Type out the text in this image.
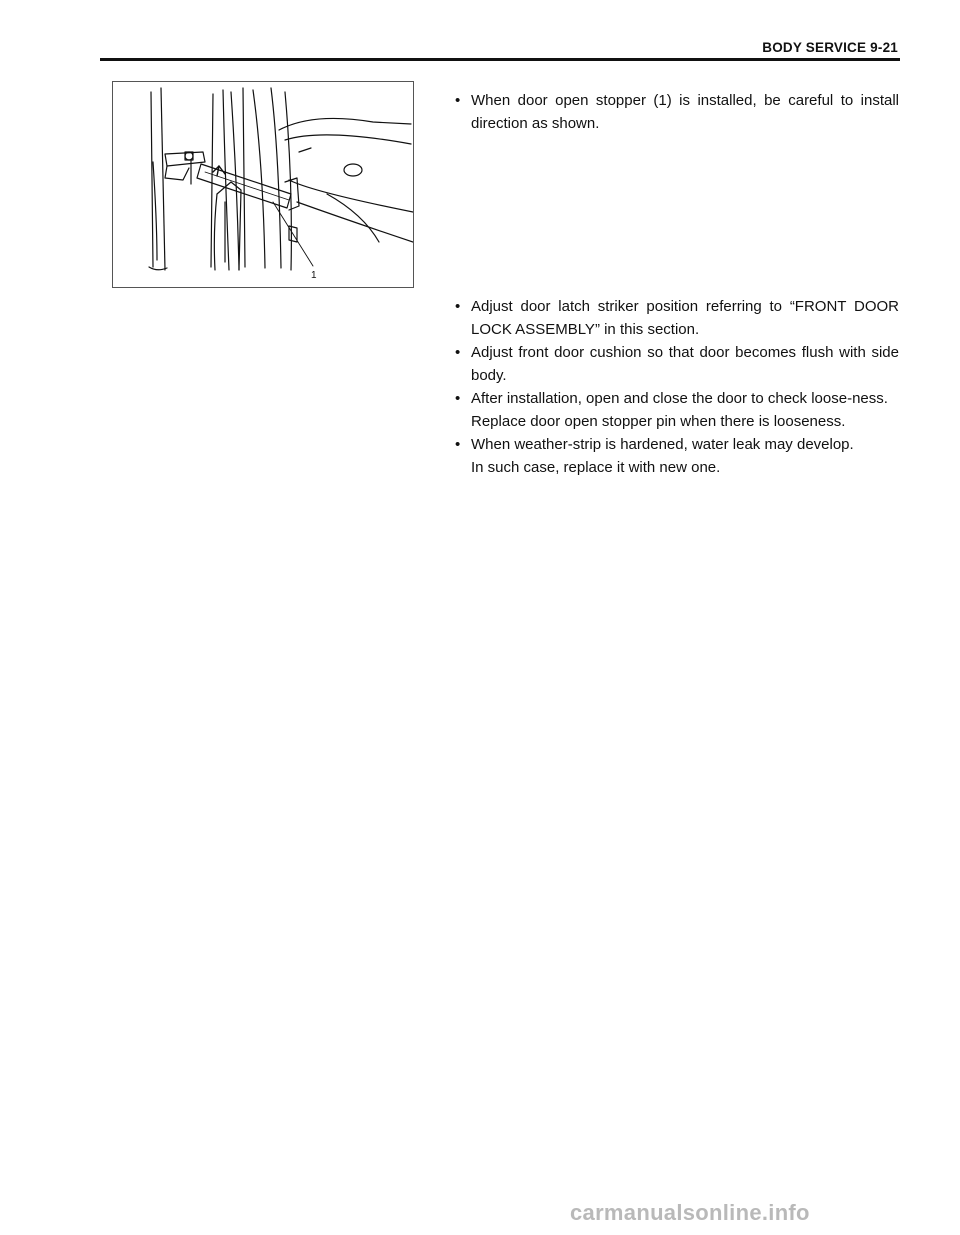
BODY SERVICE 9-21
1
• When door open stopper (1) is installed, be careful to install direction as shown.
• Adjust door latch striker position referring to “FRONT DOOR LOCK ASSEMBLY” in this section.
• Adjust front door cushion so that door becomes flush with side body.
• After installation, open and close the door to check loose-ness.
Replace door open stopper pin when there is looseness.
• When weather-strip is hardened, water leak may develop.
In such case, replace it with new one.
carmanualsonline.info
